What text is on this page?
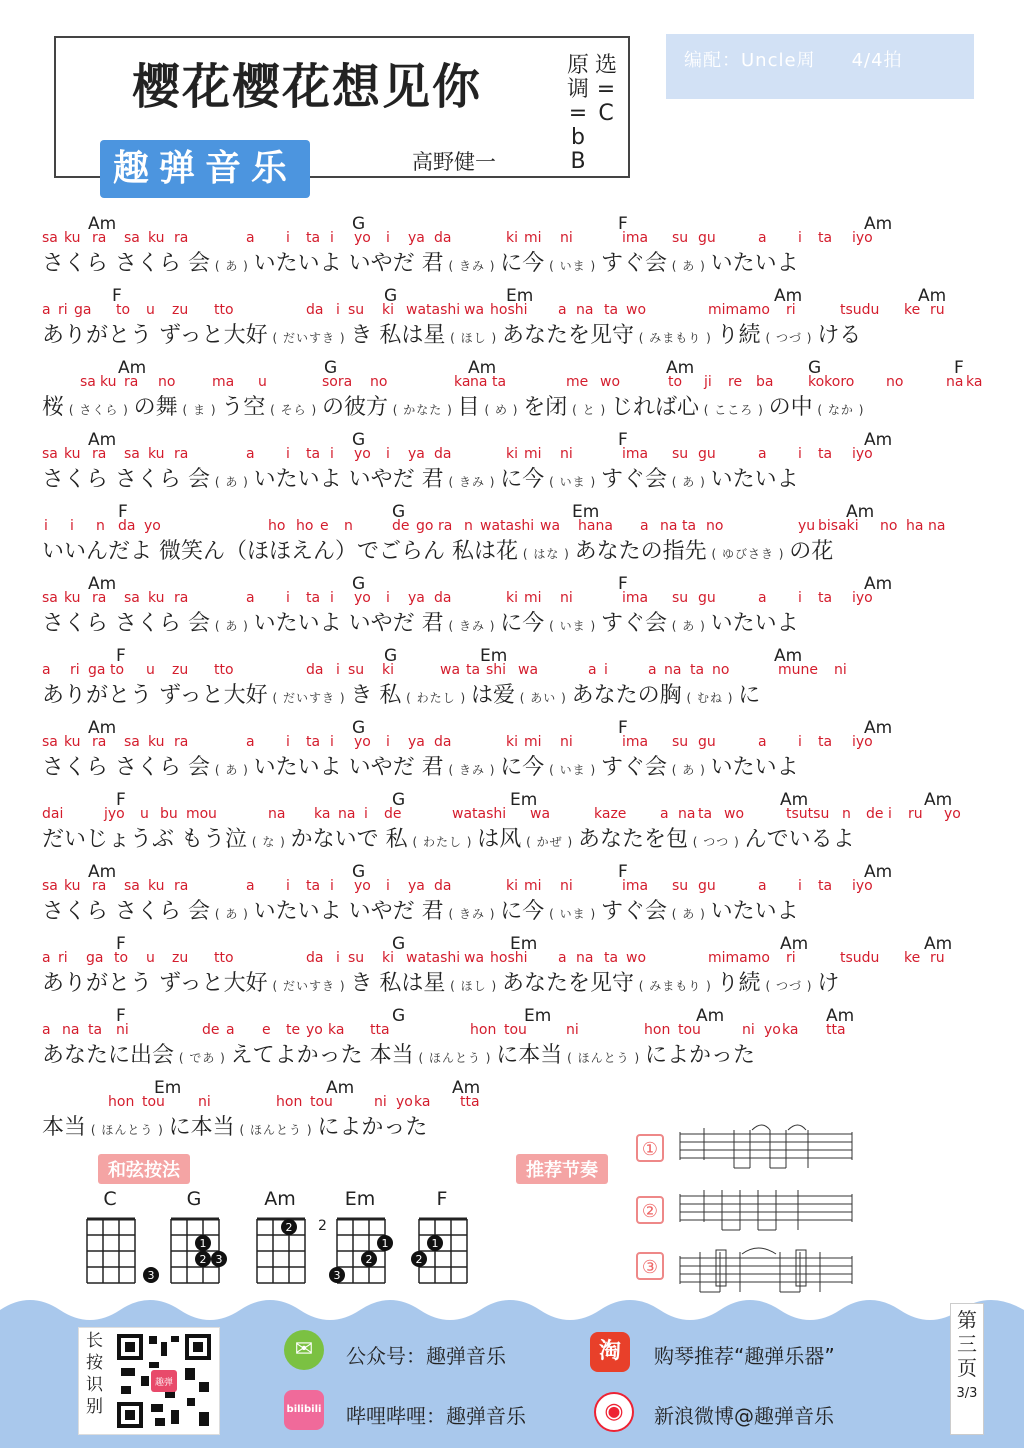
樱花樱花想见你	选=C
原调=bB
高野健一
趣弹音乐
编配：Uncle周 4/4拍
Am	G	F	Am
sa ku ra sa ku ra	a i ta i yo i ya da	ki mi ni	ima su gu	a i ta iyo
さくら さくら 会 ( あ ) いたいよ いやだ 君 ( きみ ) に今 ( いま ) すぐ会 ( あ ) いたいよ
F	G	Em	Am	Am
a ri ga to u zu tto	da i su ki watashi wa hoshi a na ta wo	mimamo ri	tsudu ke ru
ありがとう ずっと大好 ( だいすき ) き 私は星 ( ほし ) あなたを见守 ( みまもり ) り続 ( つづ ) ける
Am	G	Am	Am	G	F
sa ku ra no	ma u	sora no	ka na ta	me wo	to ji re ba kokoro no	na ka
桜 ( さくら ) の舞 ( ま ) う空 ( そら ) の彼方 ( かなた ) 目 ( め ) を闭 ( と ) じれば心 ( こころ ) の中 ( なか )
Am	G	F	Am
sa ku ra sa ku ra	a i ta i yo i ya da	ki mi ni	ima su gu	a i ta iyo
さくら さくら 会 ( あ ) いたいよ いやだ 君 ( きみ ) に今 ( いま ) すぐ会 ( あ ) いたいよ
F	G	Em	Am
i i n da yo	ho ho e n	de go ra n watashi wa hana a na ta no	yu bisaki no ha na
いいんだよ 微笑ん（ほほえん）でごらん 私は花 ( はな ) あなたの指先 ( ゆびさき ) の花
Am	G	F	Am
sa ku ra sa ku ra	a i ta i yo i ya da	ki mi ni	ima su gu	a i ta iyo
さくら さくら 会 ( あ ) いたいよ いやだ 君 ( きみ ) に今 ( いま ) すぐ会 ( あ ) いたいよ
F	G	Em	Am
a ri ga to u zu tto	da i su ki	wa ta shi wa	a i	a na ta no	mune ni
ありがとう ずっと大好 ( だいすき ) き 私 ( わたし ) は爱 ( あい ) あなたの胸 ( むね ) に
Am	G	F	Am
sa ku ra sa ku ra	a i ta i yo i ya da	ki mi ni	ima su gu	a i ta iyo
さくら さくら 会 ( あ ) いたいよ いやだ 君 ( きみ ) に今 ( いま ) すぐ会 ( あ ) いたいよ
F	G	Em	Am	Am
dai	jyo u bu mo u	na ka na i de	watashi wa	kaze a na ta wo	tsutsu n de i ru yo
だいじょうぶ もう泣 ( な ) かないで 私 ( わたし ) は风 ( かぜ ) あなたを包 ( つつ ) んでいるよ
Am	G	F	Am
sa ku ra sa ku ra	a i ta i yo i ya da	ki mi ni	ima su gu	a i ta iyo
さくら さくら 会 ( あ ) いたいよ いやだ 君 ( きみ ) に今 ( いま ) すぐ会 ( あ ) いたいよ
F	G	Em	Am	Am
a ri ga to u zu tto	da i su ki watashi wa hoshi a na ta wo	mimamo ri	tsudu ke ru
ありがとう ずっと大好 ( だいすき ) き 私は星 ( ほし ) あなたを见守 ( みまもり ) り続 ( つづ ) け
F	G	Em	Am	Am
a na ta ni	de a e te yo ka tta	hon tou	ni	hon tou	ni yo ka tta
あなたに出会 ( であ ) えてよかった 本当 ( ほんとう ) に本当 ( ほんとう ) によかった
Em	Am	Am
hon tou ni	hon tou	ni yo ka tta
本当 ( ほんとう ) に本当 ( ほんとう ) によかった
和弦按法	推荐节奏
C
3
G
1
3
2
Am
2
Em
2
1
2
3
F
1
2
①
②
③
趣弹
长按识别
✉	公众号：趣弹音乐	淘	购琴推荐“趣弹乐器”
bilibili 哔哩哔哩：趣弹音乐	◉	新浪微博@趣弹音乐
第三页
3/3
